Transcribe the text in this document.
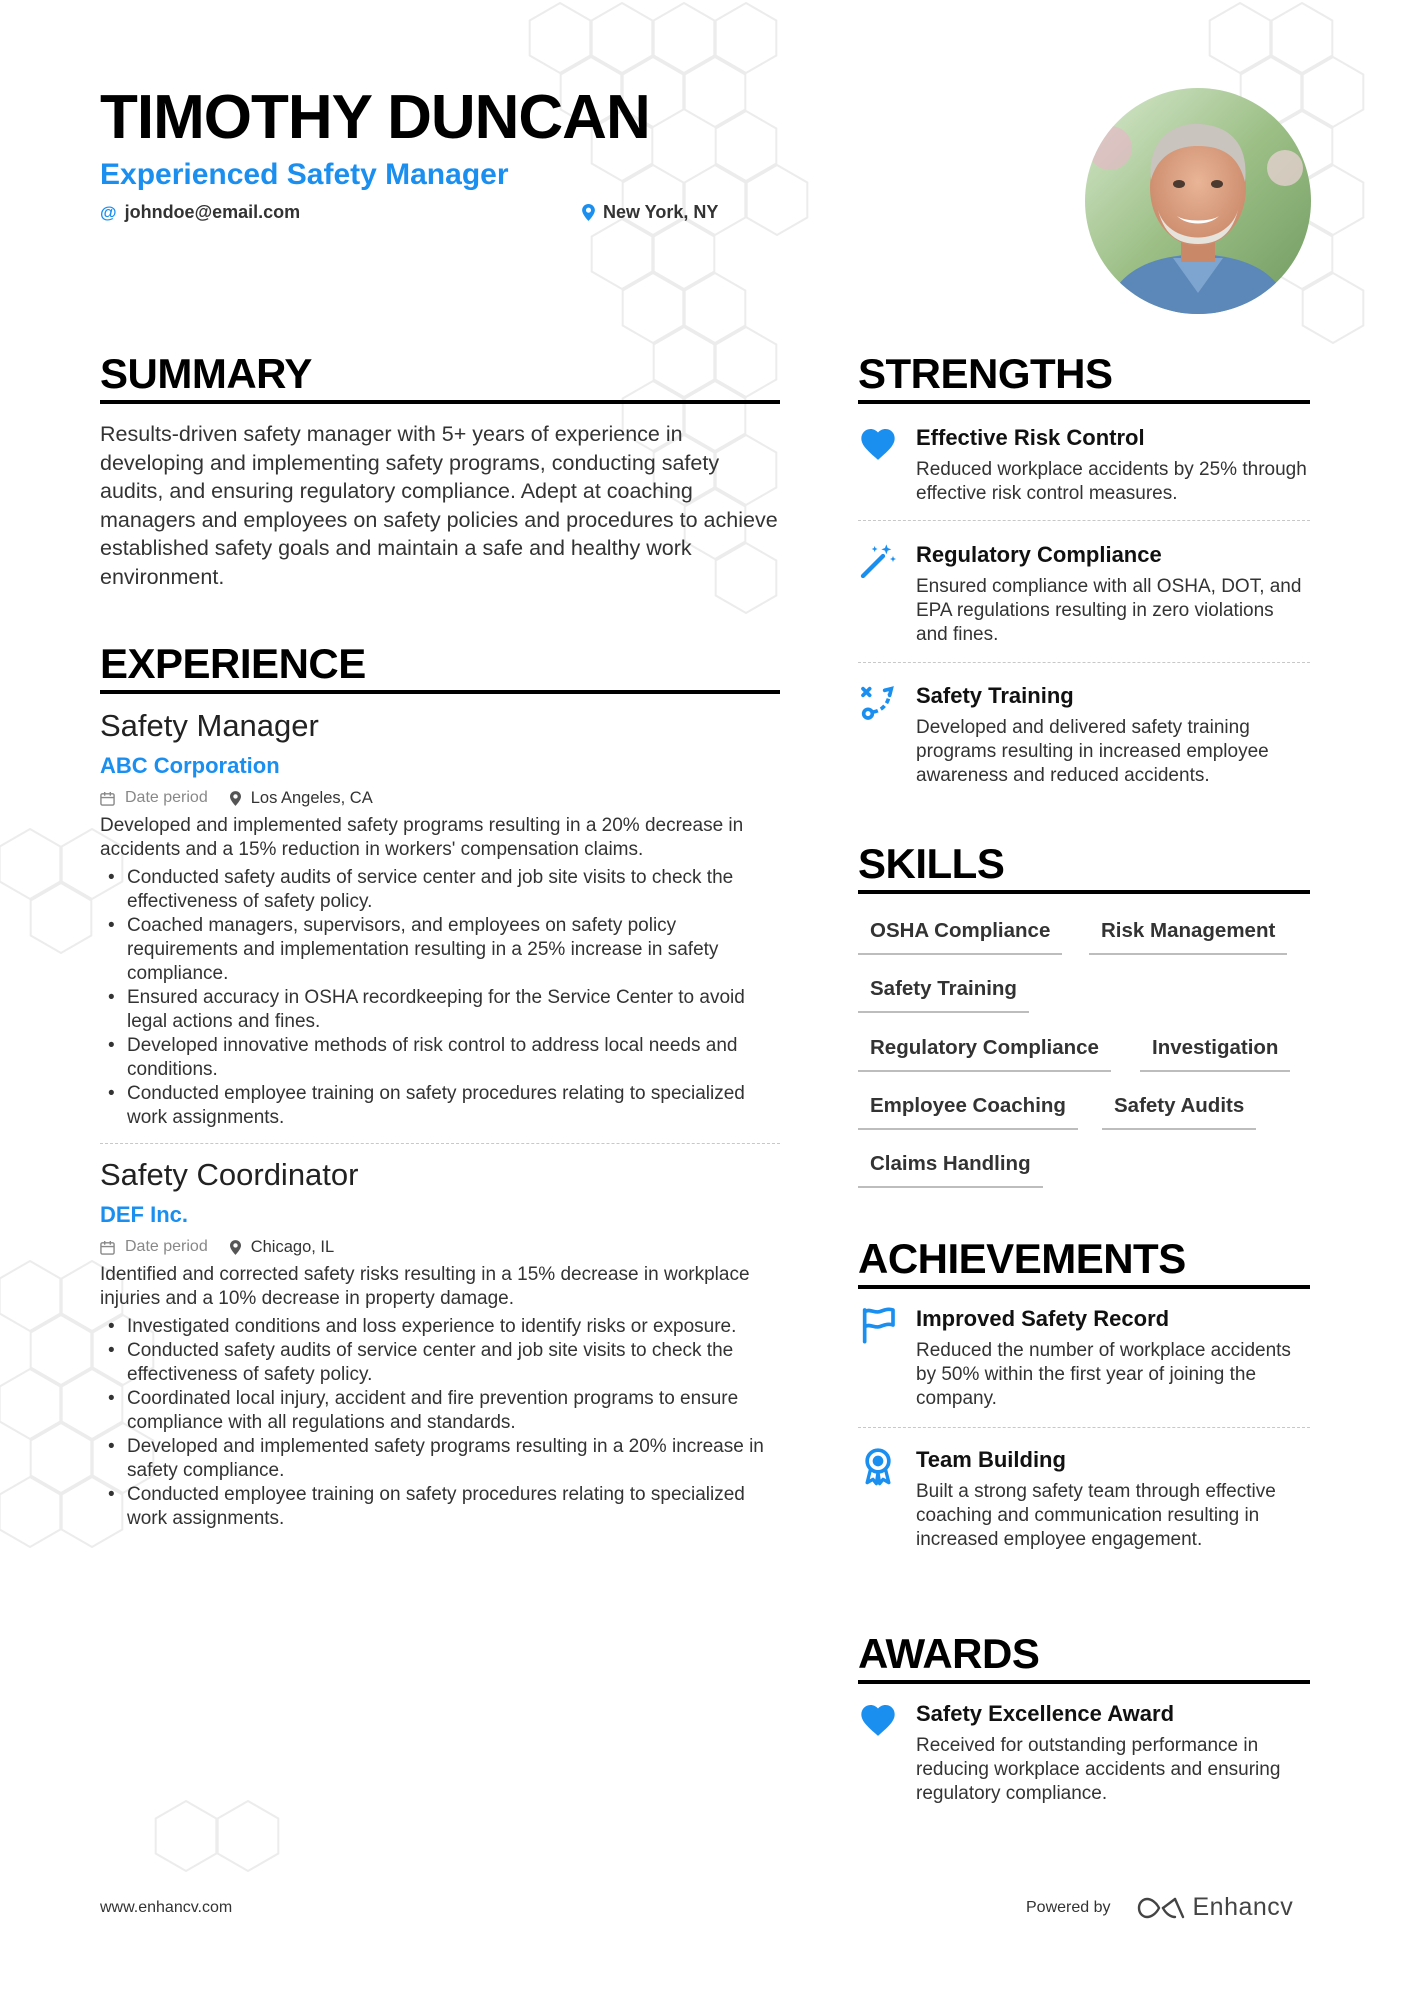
TIMOTHY DUNCAN
Experienced Safety Manager
@ johndoe@email.com	New York, NY
SUMMARY
Results-driven safety manager with 5+ years of experience in developing and implementing safety programs, conducting safety audits, and ensuring regulatory compliance. Adept at coaching managers and employees on safety policies and procedures to achieve established safety goals and maintain a safe and healthy work environment.
EXPERIENCE
Safety Manager
ABC Corporation
Date period	Los Angeles, CA
Developed and implemented safety programs resulting in a 20% decrease in accidents and a 15% reduction in workers' compensation claims.
• Conducted safety audits of service center and job site visits to check the effectiveness of safety policy.
• Coached managers, supervisors, and employees on safety policy requirements and implementation resulting in a 25% increase in safety compliance.
• Ensured accuracy in OSHA recordkeeping for the Service Center to avoid legal actions and fines.
• Developed innovative methods of risk control to address local needs and conditions.
• Conducted employee training on safety procedures relating to specialized work assignments.
Safety Coordinator
DEF Inc.
Date period	Chicago, IL
Identified and corrected safety risks resulting in a 15% decrease in workplace injuries and a 10% decrease in property damage.
• Investigated conditions and loss experience to identify risks or exposure.
• Conducted safety audits of service center and job site visits to check the effectiveness of safety policy.
• Coordinated local injury, accident and fire prevention programs to ensure compliance with all regulations and standards.
• Developed and implemented safety programs resulting in a 20% increase in safety compliance.
• Conducted employee training on safety procedures relating to specialized work assignments.
STRENGTHS
Effective Risk Control
Reduced workplace accidents by 25% through effective risk control measures.
Regulatory Compliance
Ensured compliance with all OSHA, DOT, and EPA regulations resulting in zero violations and fines.
Safety Training
Developed and delivered safety training programs resulting in increased employee awareness and reduced accidents.
SKILLS
OSHA Compliance	Risk Management
Safety Training
Regulatory Compliance	Investigation
Employee Coaching	Safety Audits
Claims Handling
ACHIEVEMENTS
Improved Safety Record
Reduced the number of workplace accidents by 50% within the first year of joining the company.
Team Building
Built a strong safety team through effective coaching and communication resulting in increased employee engagement.
AWARDS
Safety Excellence Award
Received for outstanding performance in reducing workplace accidents and ensuring regulatory compliance.
www.enhancv.com	Powered by	Enhancv
